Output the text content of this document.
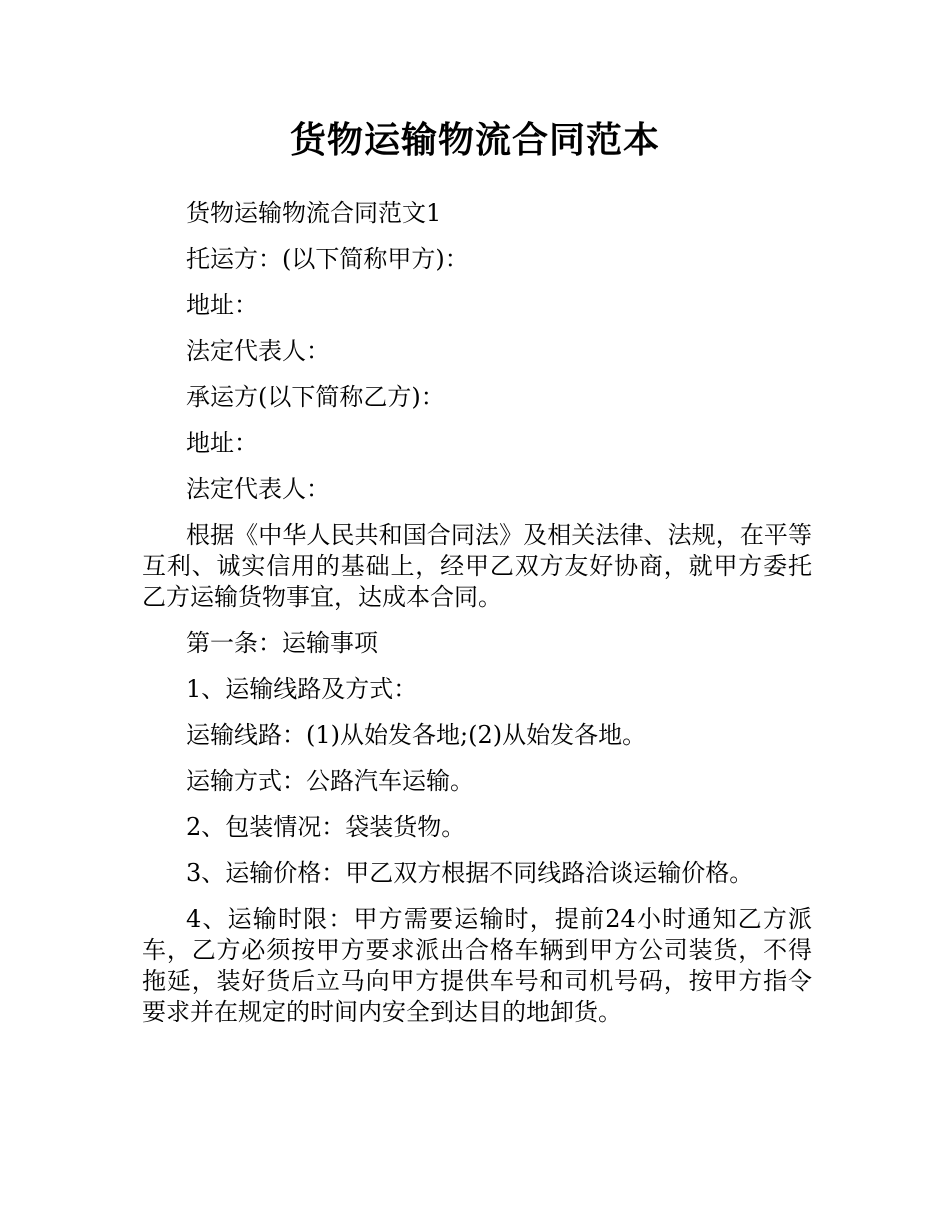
货物运输物流合同范本

货物运输物流合同范文1

托运方：(以下简称甲方)：

地址：

法定代表人：

承运方(以下简称乙方)：

地址：

法定代表人：

根据《中华人民共和国合同法》及相关法律、法规，在平等互利、诚实信用的基础上，经甲乙双方友好协商，就甲方委托乙方运输货物事宜，达成本合同。

第一条：运输事项

1、运输线路及方式：

运输线路：(1)从始发各地;(2)从始发各地。

运输方式：公路汽车运输。

2、包装情况：袋装货物。

3、运输价格：甲乙双方根据不同线路洽谈运输价格。

4、运输时限：甲方需要运输时，提前24小时通知乙方派车，乙方必须按甲方要求派出合格车辆到甲方公司装货，不得拖延，装好货后立马向甲方提供车号和司机号码，按甲方指令要求并在规定的时间内安全到达目的地卸货。
